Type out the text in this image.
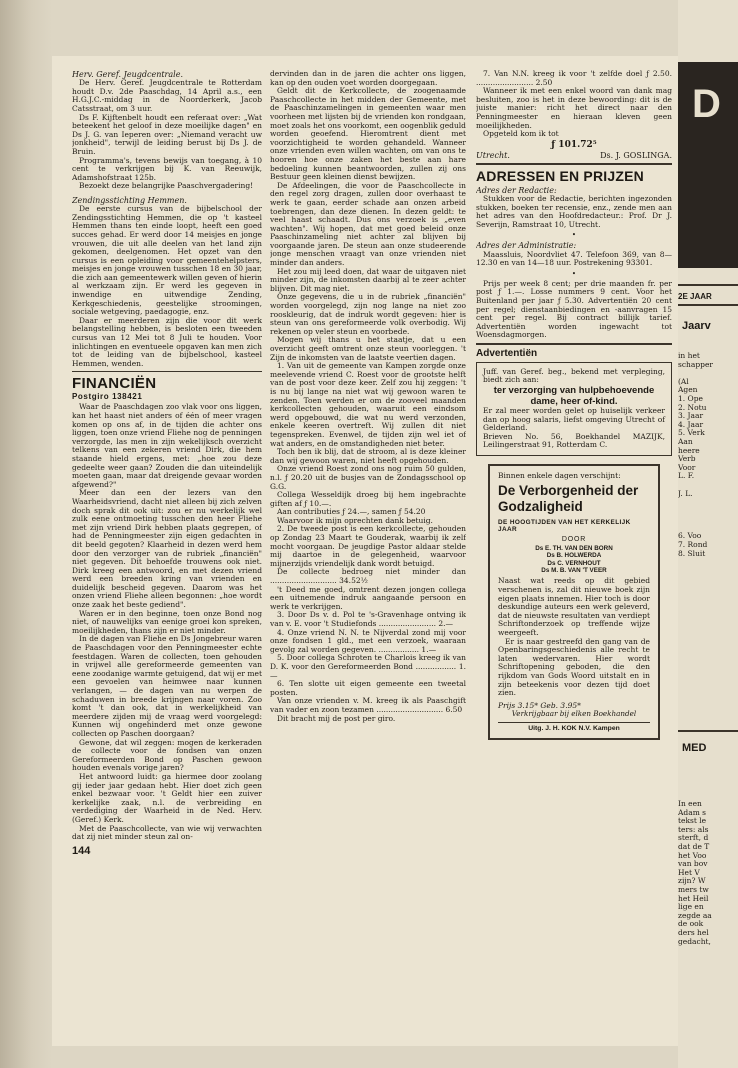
Herv. Geref. Jeugdcentrale.

De Herv. Geref. Jeugdcentrale te Rotterdam houdt D.v. 2de Paaschdag, 14 April a.s., een H.G.J.C.-middag in de Noorderkerk, Jacob Catsstraat, om 3 uur.

Ds F. Kijftenbelt houdt een referaat over: „Wat beteekent het geloof in deze moeilijke dagen" en Ds J. G. van Ieperen over: „Niemand veracht uw jonkheid", terwijl de leiding berust bij Ds J. de Bruin.

Programma's, tevens bewijs van toegang, à 10 cent te verkrijgen bij K. van Reeuwijk, Adamshofstraat 125b.

Bezoekt deze belangrijke Paaschvergadering!

Zendingsstichting Hemmen.

De eerste cursus van de bijbelschool der Zendingsstichting Hemmen, die op 't kasteel Hemmen thans ten einde loopt, heeft een goed succes gehad. Er werd door 14 meisjes en jonge vrouwen, die uit alle deelen van het land zijn gekomen, deelgenomen. Het opzet van den cursus is een opleiding voor gemeentehelpsters, meisjes en jonge vrouwen tusschen 18 en 30 jaar, die zich aan gemeentewerk willen geven of hierin al werkzaam zijn. Er werd les gegeven in inwendige en uitwendige Zending, Kerkgeschiedenis, geestelijke stroomingen, sociale wetgeving, paedagogie, enz.

Daar er meerderen zijn die voor dit werk belangstelling hebben, is besloten een tweeden cursus van 12 Mei tot 8 Juli te houden. Voor inlichtingen en eventueele opgaven kan men zich tot de leiding van de bijbelschool, kasteel Hemmen, wenden.

FINANCIËN
Postgiro 138421

Waar de Paaschdagen zoo vlak voor ons liggen, kan het haast niet anders of één of meer vragen komen op ons af, in de tijden die achter ons liggen, toen onze vriend Fliehe nog de penningen verzorgde, las men in zijn wekelijksch overzicht telkens van een zekeren vriend Dirk, die hem staande hield ergens, met: „hoe zou deze gedeelte weer gaan? Zouden die dan uiteindelijk moeten gaan, maar dat dreigende gevaar worden afgewend?"

Meer dan een der lezers van den Waarheidsvriend, dacht niet alleen bij zich zelven doch sprak dit ook uit: zou er nu werkelijk wel zulk eene ontmoeting tusschen den heer Fliehe met zijn vriend Dirk hebben plaats gegrepen, of had de Penningmeester zijn eigen gedachten in dit beeld gegoten? Klaarheid in dezen werd hem door den verzorger van de rubriek „financiën" niet gegeven. Dit behoefde trouwens ook niet. Dirk kreeg een antwoord, en met dezen vriend werd een breeden kring van vrienden en duidelijk bescheid gegeven. Daarom was het onzen vriend Fliehe alleen begonnen: „hoe wordt onze zaak het beste gediend".

Waren er in den beginne, toen onze Bond nog niet, of nauwelijks van eenige groei kon spreken, moeilijkheden, thans zijn er niet minder.

In de dagen van Fliehe en Ds Jongebreur waren de Paaschdagen voor den Penningmeester echte feestdagen. Waren de collecten, toen gehouden in vrijwel alle gereformeerde gemeenten van eene zoodanige warmte getuigend, dat wij er met een gevoelen van heimwee naar kunnen verlangen, — de dagen van nu werpen de schaduwen in breede krijngen naar voren. Zoo komt 't dan ook, dat in werkelijkheid van meerdere zijden mij de vraag werd voorgelegd: Kunnen wij ongehinderd met onze gewone collecten op Paschen doorgaan?

Gewone, dat wil zeggen: mogen de kerkeraden de collecte voor de fondsen van onzen Gereformeerden Bond op Paschen gewoon houden evenals vorige jaren?

Het antwoord luidt: ga hiermee door zoolang gij ieder jaar gedaan hebt. Hier doet zich geen enkel bezwaar voor. 't Geldt hier een zuiver kerkelijke zaak, n.l. de verbreiding en verdediging der Waarheid in de Ned. Herv. (Geref.) Kerk.

Met de Paaschcollecte, van wie wij verwachten dat zij niet minder steun zal on-

144

dervinden dan in de jaren die achter ons liggen, kan op den ouden voet worden doorgegaan.

Geldt dit de Kerkcollecte, de zoogenaamde Paaschcollecte in het midden der Gemeente, met de Paaschinzamelingen in gemeenten waar men voorheen met lijsten bij de vrienden kon rondgaan, moet zoals het ons voorkomt, een oogenblik geduld worden geoefend. Hieromtrent dient met voorzichtigheid te worden gehandeld. Wanneer onze vrienden even willen wachten, om van ons te hooren hoe onze zaken het beste aan hare bedoeling kunnen beantwoorden, zullen zij ons Bestuur geen kleinen dienst bewijzen.

De Afdeelingen, die voor de Paaschcollecte in den regel zorg dragen, zullen door overhaast te werk te gaan, eerder schade aan onzen arbeid toebrengen, dan deze dienen. In dezen geldt: te veel haast schaadt. Dus ons verzoek is „even wachten". Wij hopen, dat met goed beleid onze Paaschinzameling niet achter zal blijven bij voorgaande jaren. De steun aan onze studeerende jonge menschen vraagt van onze vrienden niet minder dan anders.

Het zou mij leed doen, dat waar de uitgaven niet minder zijn, de inkomsten daarbij al te zeer achter blijven. Dit mag niet.

Onze gegevens, die u in de rubriek „financiën" worden voorgelegd, zijn nog lange na niet zoo rooskleurig, dat de indruk wordt gegeven: hier is steun van ons gereformeerde volk overbodig. Wij rekenen op veler steun en voorbede.

Mogen wij thans u het staatje, dat u een overzicht geeft omtrent onze steun voorleggen. 't Zijn de inkomsten van de laatste veertien dagen.

1. Van uit de gemeente van Kampen zorgde onze meelevende vriend C. Roest voor de grootste helft van de post voor deze keer. Zelf zou hij zeggen: 't is nu bij lange na niet wat wij gewoon waren te zenden. Toen werden er om de zooveel maanden kerkcollecten gehouden, waaruit een eindsom werd opgebouwd, die wat nu werd verzonden, enkele keeren overtreft. Wij zullen dit niet tegenspreken. Evenwel, de tijden zijn wel iet of wat anders, en de omstandigheden niet beter.

Toch ben ik blij, dat de stroom, al is deze kleiner dan wij gewoon waren, niet heeft opgehouden.

Onze vriend Roest zond ons nog ruim 50 gulden, n.l. ƒ 20.20 uit de busjes van de Zondagsschool op G.G.

Collega Wesseldijk droeg bij hem ingebrachte giften af ƒ 10.—.

Aan contributies ƒ 24.—, samen ƒ 54.20

Waarvoor ik mijn oprechten dank betuig.

2. De tweede post is een kerkcollecte, gehouden op Zondag 23 Maart te Gouderak, waarbij ik zelf mocht voorgaan. De jeugdige Pastor aldaar stelde mij daartoe in de gelegenheid, waarvoor mijnerzijds vriendelijk dank wordt betuigd.

De collecte bedroeg niet minder dan ............................ 34.52½

't Deed me goed, omtrent dezen jongen collega een uitnemende indruk aangaande persoon en werk te verkrijgen.

3. Door Ds v. d. Pol te 's-Gravenhage ontving ik van v. E. voor 't Studiefonds ........................ 2.—

4. Onze vriend N. N. te Nijverdal zond mij voor onze fondsen 1 gld., met een verzoek, waaraan gevolg zal worden gegeven. ................. 1.—

5. Door collega Schroten te Charlois kreeg ik van D. K. voor den Gereformeerden Bond ................. 1.—

6. Ten slotte uit eigen gemeente een tweetal posten.

Van onze vrienden v. M. kreeg ik als Paaschgift van vader en zoon tezamen ............................ 6.50

Dit bracht mij de post per giro.

7. Van N.N. kreeg ik voor 't zelfde doel ƒ 2.50. ........................ 2.50

Wanneer ik met een enkel woord van dank mag besluiten, zoo is het in deze bewoording: dit is de juiste manier: richt het direct naar den Penningmeester en hieraan kleven geen moeilijkheden.

Opgeteld kom ik tot

ƒ 101.72⁵
Utrecht.	Ds. J. GOSLINGA.
ADRESSEN EN PRIJZEN
Adres der Redactie:

Stukken voor de Redactie, berichten ingezonden stukken, boeken ter recensie, enz., zende men aan het adres van den Hoofdredacteur.: Prof. Dr J. Severijn, Ramstraat 10, Utrecht.

•
Adres der Administratie:

Maassluis, Noordvliet 47. Telefoon 369, van 8—12.30 en van 14—18 uur. Postrekening 93301.

•

Prijs per week 8 cent; per drie maanden fr. per post ƒ 1.—. Losse nummers 9 cent. Voor het Buitenland per jaar ƒ 5.30. Advertentiën 20 cent per regel; dienstaanbiedingen en -aanvragen 15 cent per regel. Bij contract billijk tarief. Advertentiën worden ingewacht tot Woensdagmorgen.

Advertentiën

Juff. van Geref. beg., bekend met verpleging, biedt zich aan:

ter verzorging van hulpbehoevende dame, heer of-kind.

Er zal meer worden gelet op huiselijk verkeer dan op hoog salaris, liefst omgeving Utrecht of Gelderland.

Brieven No. 56, Boekhandel MAZIJK, Leilingerstraat 91, Rotterdam C.

Binnen enkele dagen verschijnt:

De Verborgenheid der Godzaligheid
DE HOOGTIJDEN VAN HET KERKELIJK JAAR
DOOR
Ds E. TH. VAN DEN BORN
Ds B. HOLWERDA
Ds C. VERNHOUT
Ds M. B. VAN 'T VEER

Naast wat reeds op dit gebied verschenen is, zal dit nieuwe boek zijn eigen plaats innemen. Hier toch is door deskundige auteurs een werk geleverd, dat de nieuwste resultaten van verdiept Schriftonderzoek op treffende wijze weergeeft.

Er is naar gestreefd den gang van de Openbaringsgeschiedenis alle recht te laten wedervaren. Hier wordt Schriftopening geboden, die den rijkdom van Gods Woord uitstalt en in zijn beteekenis voor dezen tijd doet zien.

Prijs 3.15* Geb. 3.95*
Verkrijgbaar bij elken Boekhandel
Uitg. J. H. KOK N.V. Kampen
D
2E JAAR
Jaarv
in het
schapper

(Al
Agen
1. Ope
2. Notu
3. Jaar
4. Jaar
5. Verk
Aan
heere
Verb
Voor
L. F.

J. L.

6. Voo
7. Rond
8. Sluit
MED
In een
Adam s
tekst le
ters: als
sterft, d
dat de T
het Voo
van bov
Het V
zijn? W
mers tw
het Heil
lige en
zegde aa
de ook
ders hel
gedacht,
